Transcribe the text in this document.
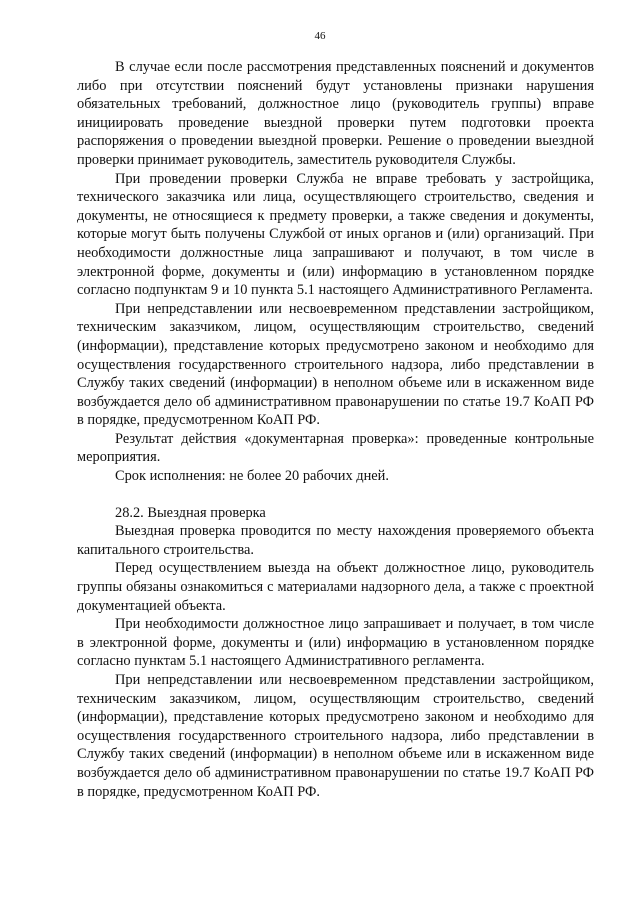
46

В случае если после рассмотрения представленных пояснений и документов либо при отсутствии пояснений будут установлены признаки нарушения обязательных требований, должностное лицо (руководитель группы) вправе инициировать проведение выездной проверки путем подготовки проекта распоряжения о проведении выездной проверки. Решение о проведении выездной проверки принимает руководитель, заместитель руководителя Службы.

При проведении проверки Служба не вправе требовать у застройщика, технического заказчика или лица, осуществляющего строительство, сведения и документы, не относящиеся к предмету проверки, а также сведения и документы, которые могут быть получены Службой от иных органов и (или) организаций. При необходимости должностные лица запрашивают и получают, в том числе в электронной форме, документы и (или) информацию в установленном порядке согласно подпунктам 9 и 10 пункта 5.1 настоящего Административного Регламента.

При непредставлении или несвоевременном представлении застройщиком, техническим заказчиком, лицом, осуществляющим строительство, сведений (информации), представление которых предусмотрено законом и необходимо для осуществления государственного строительного надзора, либо представлении в Службу таких сведений (информации) в неполном объеме или в искаженном виде возбуждается дело об административном правонарушении по статье 19.7 КоАП РФ в порядке, предусмотренном КоАП РФ.

Результат действия «документарная проверка»: проведенные контрольные мероприятия.

Срок исполнения: не более 20 рабочих дней.

28.2. Выездная проверка

Выездная проверка проводится по месту нахождения проверяемого объекта капитального строительства.

Перед осуществлением выезда на объект должностное лицо, руководитель группы обязаны ознакомиться с материалами надзорного дела, а также с проектной документацией объекта.

При необходимости должностное лицо запрашивает и получает, в том числе в электронной форме, документы и (или) информацию в установленном порядке согласно пунктам 5.1 настоящего Административного регламента.

При непредставлении или несвоевременном представлении застройщиком, техническим заказчиком, лицом, осуществляющим строительство, сведений (информации), представление которых предусмотрено законом и необходимо для осуществления государственного строительного надзора, либо представлении в Службу таких сведений (информации) в неполном объеме или в искаженном виде возбуждается дело об административном правонарушении по статье 19.7 КоАП РФ в порядке, предусмотренном КоАП РФ.
